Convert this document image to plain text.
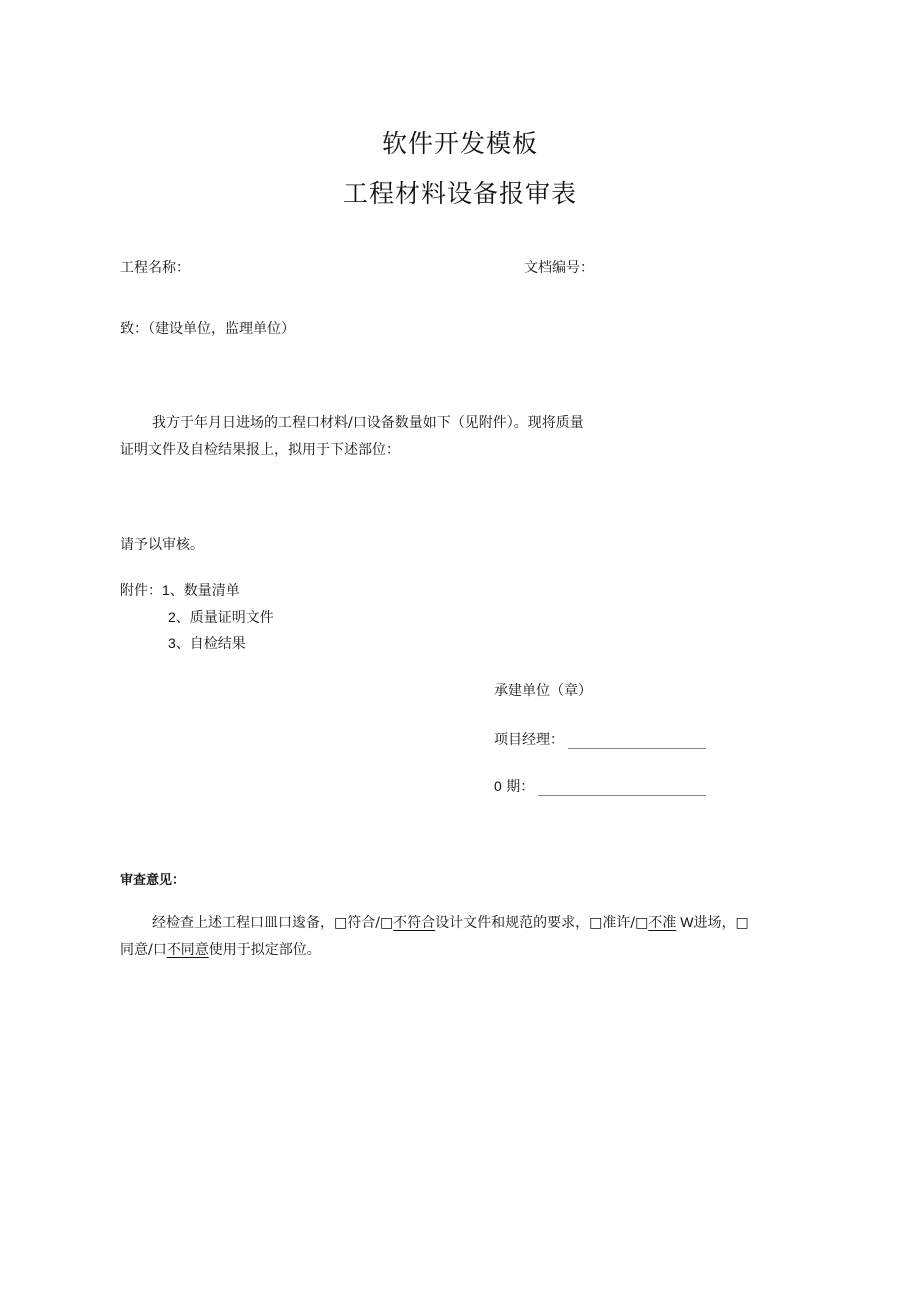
软件开发模板
工程材料设备报审表
工程名称：	文档编号：
致：（建设单位，监理单位）
我方于年月日进场的工程口材料/口设备数量如下（见附件）。现将质量
证明文件及自检结果报上，拟用于下述部位：
请予以审核。
附件：1、数量清单
2、质量证明文件
3、自检结果
承建单位（章）
项目经理：
0 期：
审查意见：
经检查上述工程口皿口逡备，□符合/□不符合设计文件和规范的要求，□准许/□不准 W进场，□
同意/口不同意使用于拟定部位。
